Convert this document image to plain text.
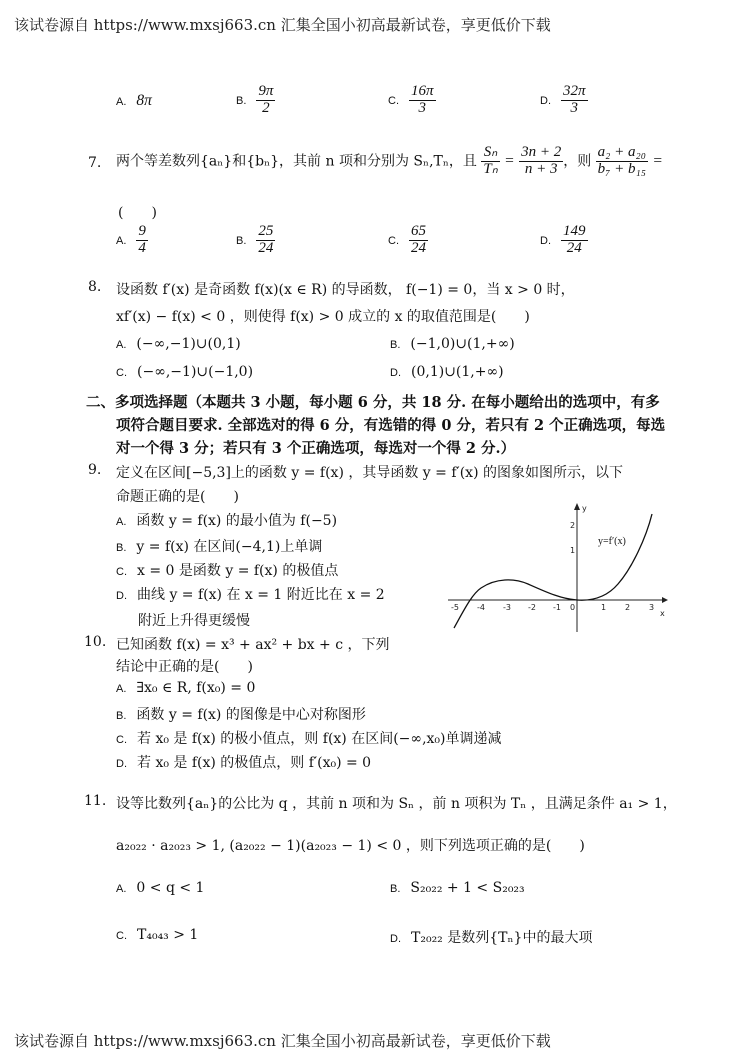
该试卷源自 https://www.mxsj663.cn 汇集全国小初高最新试卷，享更低价下载
A. 8π	B. $\frac{9\pi}{2}$	C. $\frac{16\pi}{3}$	D. $\frac{32\pi}{3}$
7. 两个等差数列{aₙ}和{bₙ}，其前 n 项和分别为 Sₙ,Tₙ，且 $\frac{\text{Sₙ}}{\text{Tₙ}} = \frac{3n + 2}{n + 3}$ ，则 $\frac{\text{a₂ + a₂₀}}{\text{b₇ + b₁₅}}$ =
(　　)
A. $\frac{9}{4}$	B. $\frac{25}{24}$	C. $\frac{65}{24}$	D. $\frac{149}{24}$
8. 设函数 f′(x) 是奇函数 f(x)(x ∈ R) 的导函数， f(−1) = 0，当 x > 0 时，
xf′(x) − f(x) < 0 ，则使得 f(x) > 0 成立的 x 的取值范围是(　　)
A. (−∞,−1)∪(0,1)	B. (−1,0)∪(1,+∞)
C. (−∞,−1)∪(−1,0)	D. (0,1)∪(1,+∞)
二、多项选择题（本题共 3 小题，每小题 6 分，共 18 分. 在每小题给出的选项中，有多
项符合题目要求. 全部选对的得 6 分，有选错的得 0 分，若只有 2 个正确选项，每选
对一个得 3 分；若只有 3 个正确选项，每选对一个得 2 分.）
9. 定义在区间[−5,3]上的函数 y = f(x) ，其导函数 y = f′(x) 的图象如图所示，以下
命题正确的是(　　)
A. 函数 y = f(x) 的最小值为 f(−5)
B. y = f(x) 在区间(−4,1)上单调
C. x = 0 是函数 y = f(x) 的极值点
D. 曲线 y = f(x) 在 x = 1 附近比在 x = 2
附近上升得更缓慢
y
x
-5 -4 -3 -2 -1 0	1 2 3
2
1
y=f′(x)
10. 已知函数 f(x) = x³ + ax² + bx + c ，下列
结论中正确的是(　　)
A. ∃x₀ ∈ R, f(x₀) = 0
B. 函数 y = f(x) 的图像是中心对称图形
C. 若 x₀ 是 f(x) 的极小值点，则 f(x) 在区间(−∞,x₀)单调递减
D. 若 x₀ 是 f(x) 的极值点，则 f′(x₀) = 0
11. 设等比数列{aₙ}的公比为 q ，其前 n 项和为 Sₙ ，前 n 项积为 Tₙ ，且满足条件 a₁ > 1，
a₂₀₂₂ · a₂₀₂₃ > 1, (a₂₀₂₂ − 1)(a₂₀₂₃ − 1) < 0 ，则下列选项正确的是(　　)
A. 0 < q < 1	B. S₂₀₂₂ + 1 < S₂₀₂₃
C. T₄₀₄₃ > 1	D. T₂₀₂₂ 是数列{Tₙ}中的最大项
该试卷源自 https://www.mxsj663.cn 汇集全国小初高最新试卷，享更低价下载
